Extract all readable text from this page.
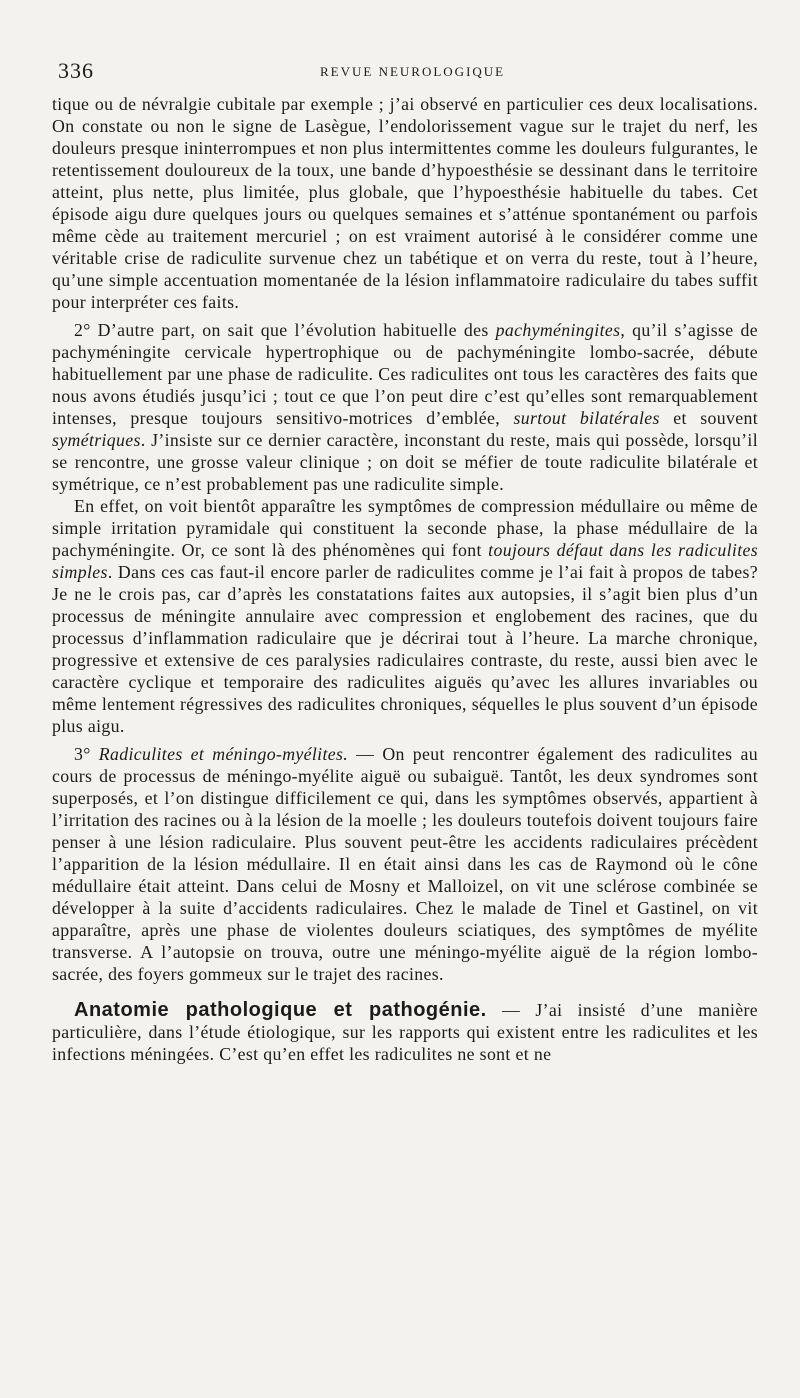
336	REVUE NEUROLOGIQUE

tique ou de névralgie cubitale par exemple ; j’ai observé en particulier ces deux localisations. On constate ou non le signe de Lasègue, l’endolorissement vague sur le trajet du nerf, les douleurs presque ininterrompues et non plus intermittentes comme les douleurs fulgurantes, le retentissement douloureux de la toux, une bande d’hypoesthésie se dessinant dans le territoire atteint, plus nette, plus limitée, plus globale, que l’hypoesthésie habituelle du tabes. Cet épisode aigu dure quelques jours ou quelques semaines et s’atténue spontanément ou parfois même cède au traitement mercuriel ; on est vraiment autorisé à le considérer comme une véritable crise de radiculite survenue chez un tabétique et on verra du reste, tout à l’heure, qu’une simple accentuation momentanée de la lésion inflammatoire radiculaire du tabes suffit pour interpréter ces faits.

2° D’autre part, on sait que l’évolution habituelle des pachyméningites, qu’il s’agisse de pachyméningite cervicale hypertrophique ou de pachyméningite lombo-sacrée, débute habituellement par une phase de radiculite. Ces radiculites ont tous les caractères des faits que nous avons étudiés jusqu’ici ; tout ce que l’on peut dire c’est qu’elles sont remarquablement intenses, presque toujours sensitivo-motrices d’emblée, surtout bilatérales et souvent symétriques. J’insiste sur ce dernier caractère, inconstant du reste, mais qui possède, lorsqu’il se rencontre, une grosse valeur clinique ; on doit se méfier de toute radiculite bilatérale et symétrique, ce n’est probablement pas une radiculite simple.

En effet, on voit bientôt apparaître les symptômes de compression médullaire ou même de simple irritation pyramidale qui constituent la seconde phase, la phase médullaire de la pachyméningite. Or, ce sont là des phénomènes qui font toujours défaut dans les radiculites simples. Dans ces cas faut-il encore parler de radiculites comme je l’ai fait à propos de tabes? Je ne le crois pas, car d’après les constatations faites aux autopsies, il s’agit bien plus d’un processus de méningite annulaire avec compression et englobement des racines, que du processus d’inflammation radiculaire que je décrirai tout à l’heure. La marche chronique, progressive et extensive de ces paralysies radiculaires contraste, du reste, aussi bien avec le caractère cyclique et temporaire des radiculites aiguës qu’avec les allures invariables ou même lentement régressives des radiculites chroniques, séquelles le plus souvent d’un épisode plus aigu.

3° Radiculites et méningo-myélites. — On peut rencontrer également des radiculites au cours de processus de méningo-myélite aiguë ou subaiguë. Tantôt, les deux syndromes sont superposés, et l’on distingue difficilement ce qui, dans les symptômes observés, appartient à l’irritation des racines ou à la lésion de la moelle ; les douleurs toutefois doivent toujours faire penser à une lésion radiculaire. Plus souvent peut-être les accidents radiculaires précèdent l’apparition de la lésion médullaire. Il en était ainsi dans les cas de Raymond où le cône médullaire était atteint. Dans celui de Mosny et Malloizel, on vit une sclérose combinée se développer à la suite d’accidents radiculaires. Chez le malade de Tinel et Gastinel, on vit apparaître, après une phase de violentes douleurs sciatiques, des symptômes de myélite transverse. A l’autopsie on trouva, outre une méningo-myélite aiguë de la région lombo-sacrée, des foyers gommeux sur le trajet des racines.

Anatomie pathologique et pathogénie. — J’ai insisté d’une manière particulière, dans l’étude étiologique, sur les rapports qui existent entre les radiculites et les infections méningées. C’est qu’en effet les radiculites ne sont et ne
